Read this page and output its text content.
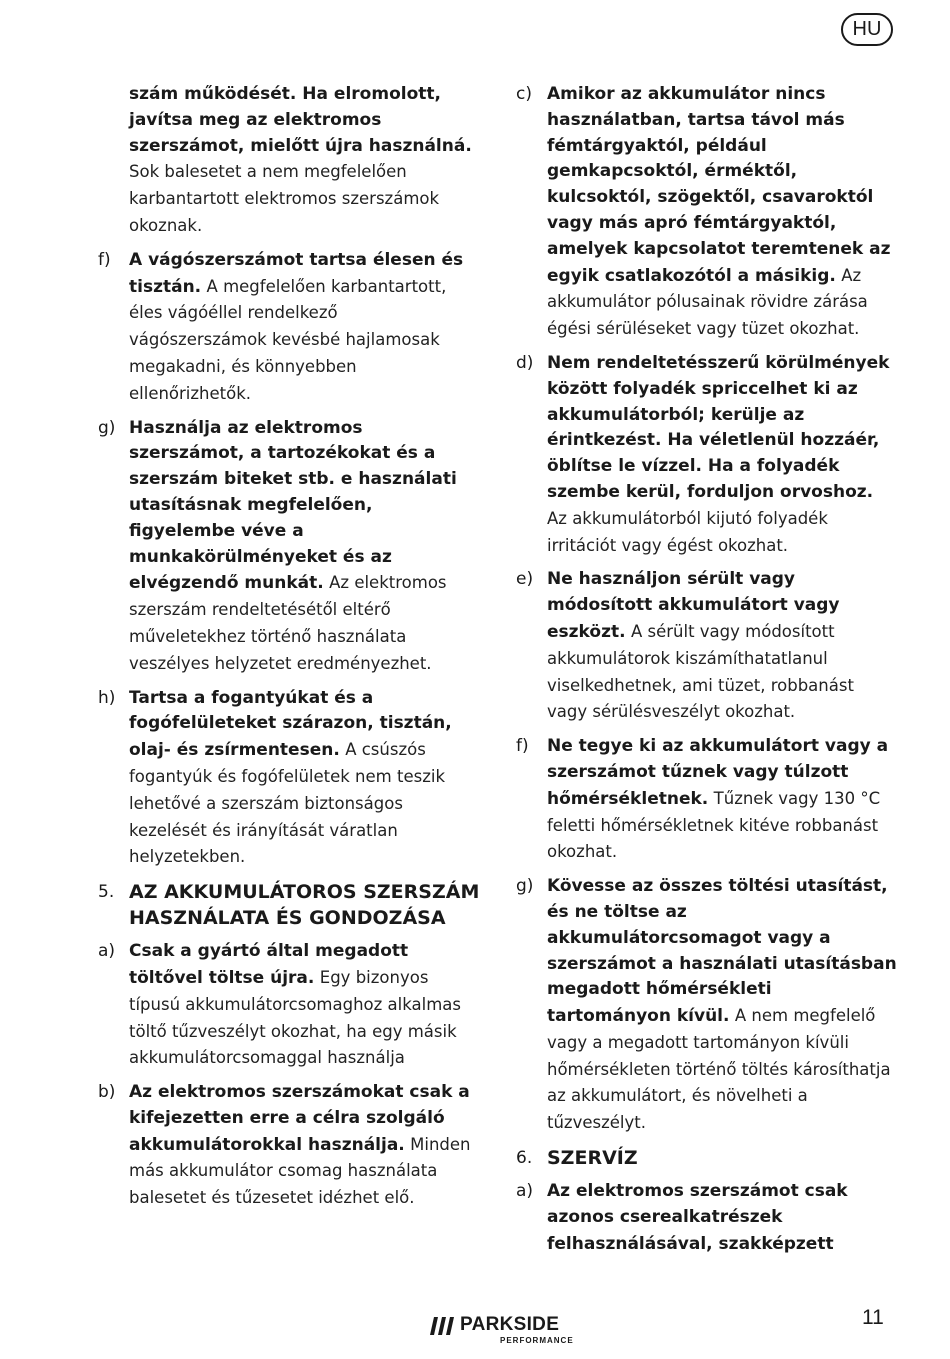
HU
szám működését. Ha elromolott, javítsa meg az elektromos szerszámot, mielőtt újra használná. Sok balesetet a nem megfelelően karbantartott elektromos szerszámok okoznak.
f)	A vágószerszámot tartsa élesen és tisztán. A megfelelően karbantartott, éles vágóéllel rendelkező vágószerszámok kevésbé hajlamosak megakadni, és könnyebben ellenőrizhetők.
g) Használja az elektromos szerszámot, a tartozékokat és a szerszám biteket stb. e használati utasításnak megfelelően, figyelembe véve a munkakörülményeket és az elvégzendő munkát. Az elektromos szerszám rendeltetésétől eltérő műveletekhez történő használata veszélyes helyzetet eredményezhet.
h) Tartsa a fogantyúkat és a fogófelületeket szárazon, tisztán, olaj- és zsírmentesen. A csúszós fogantyúk és fogófelületek nem teszik lehetővé a szerszám biztonságos kezelését és irányítását váratlan helyzetekben.
5. AZ AKKUMULÁTOROS SZERSZÁM HASZNÁLATA ÉS GONDOZÁSA
a) Csak a gyártó által megadott töltővel töltse újra. Egy bizonyos típusú akkumulátorcsomaghoz alkalmas töltő tűzveszélyt okozhat, ha egy másik akkumulátorcsomaggal használja
b) Az elektromos szerszámokat csak a kifejezetten erre a célra szolgáló akkumulátorokkal használja. Minden más akkumulátor csomag használata balesetet és tűzesetet idézhet elő.
c) Amikor az akkumulátor nincs használatban, tartsa távol más fémtárgyaktól, például gemkapcsoktól, érméktől, kulcsoktól, szögektől, csavaroktól vagy más apró fémtárgyaktól, amelyek kapcsolatot teremtenek az egyik csatlakozótól a másikig. Az akkumulátor pólusainak rövidre zárása égési sérüléseket vagy tüzet okozhat.
d) Nem rendeltetésszerű körülmények között folyadék spriccelhet ki az akkumulátorból; kerülje az érintkezést. Ha véletlenül hozzáér, öblítse le vízzel. Ha a folyadék szembe kerül, forduljon orvoshoz. Az akkumulátorból kijutó folyadék irritációt vagy égést okozhat.
e) Ne használjon sérült vagy módosított akkumulátort vagy eszközt. A sérült vagy módosított akkumulátorok kiszámíthatatlanul viselkedhetnek, ami tüzet, robbanást vagy sérülésveszélyt okozhat.
f)	Ne tegye ki az akkumulátort vagy a szerszámot tűznek vagy túlzott hőmérsékletnek. Tűznek vagy 130 °C feletti hőmérsékletnek kitéve robbanást okozhat.
g) Kövesse az összes töltési utasítást, és ne töltse az akkumulátorcsomagot vagy a szerszámot a használati utasításban megadott hőmérsékleti tartományon kívül. A nem megfelelő vagy a megadott tartományon kívüli hőmérsékleten történő töltés károsíthatja az akkumulátort, és növelheti a tűzveszélyt.
6. SZERVÍZ
a) Az elektromos szerszámot csak azonos cserealkatrészek felhasználásával, szakképzett
PARKSIDE
PERFORMANCE
11
